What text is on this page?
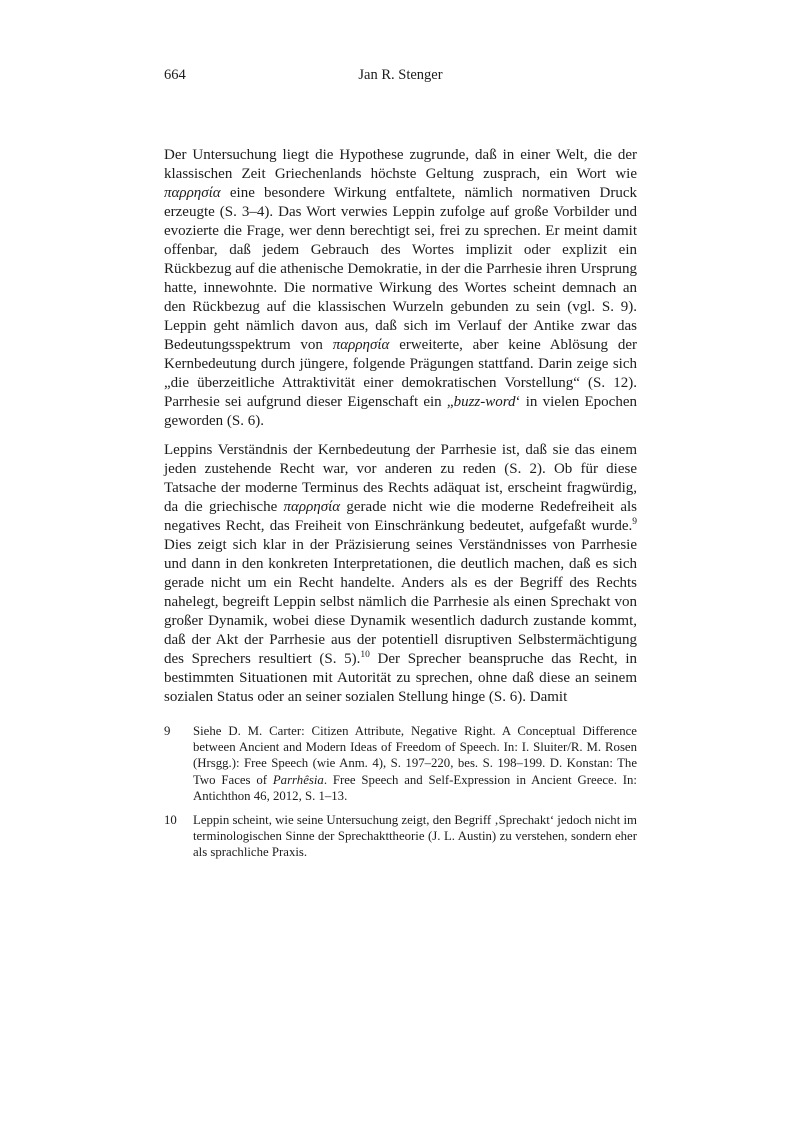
664	Jan R. Stenger

Der Untersuchung liegt die Hypothese zugrunde, daß in einer Welt, die der klassischen Zeit Griechenlands höchste Geltung zusprach, ein Wort wie παρρησία eine besondere Wirkung entfaltete, nämlich normativen Druck erzeugte (S. 3–4). Das Wort verwies Leppin zufolge auf große Vorbilder und evozierte die Frage, wer denn berechtigt sei, frei zu sprechen. Er meint damit offenbar, daß jedem Gebrauch des Wortes implizit oder explizit ein Rückbezug auf die athenische Demokratie, in der die Parrhesie ihren Ursprung hatte, innewohnte. Die normative Wirkung des Wortes scheint demnach an den Rückbezug auf die klassischen Wurzeln gebunden zu sein (vgl. S. 9). Leppin geht nämlich davon aus, daß sich im Verlauf der Antike zwar das Bedeutungsspektrum von παρρησία erweiterte, aber keine Ablösung der Kernbedeutung durch jüngere, folgende Prägungen stattfand. Darin zeige sich „die überzeitliche Attraktivität einer demokratischen Vorstellung“ (S. 12). Parrhesie sei aufgrund dieser Eigenschaft ein „buzz-word‘ in vielen Epochen geworden (S. 6).

Leppins Verständnis der Kernbedeutung der Parrhesie ist, daß sie das einem jeden zustehende Recht war, vor anderen zu reden (S. 2). Ob für diese Tatsache der moderne Terminus des Rechts adäquat ist, erscheint fragwürdig, da die griechische παρρησία gerade nicht wie die moderne Redefreiheit als negatives Recht, das Freiheit von Einschränkung bedeutet, aufgefaßt wurde.$^9$ Dies zeigt sich klar in der Präzisierung seines Verständnisses von Parrhesie und dann in den konkreten Interpretationen, die deutlich machen, daß es sich gerade nicht um ein Recht handelte. Anders als es der Begriff des Rechts nahelegt, begreift Leppin selbst nämlich die Parrhesie als einen Sprechakt von großer Dynamik, wobei diese Dynamik wesentlich dadurch zustande kommt, daß der Akt der Parrhesie aus der potentiell disruptiven Selbstermächtigung des Sprechers resultiert (S. 5).$^{10}$ Der Sprecher beanspruche das Recht, in bestimmten Situationen mit Autorität zu sprechen, ohne daß diese an seinem sozialen Status oder an seiner sozialen Stellung hinge (S. 6). Damit

9	Siehe D. M. Carter: Citizen Attribute, Negative Right. A Conceptual Difference between Ancient and Modern Ideas of Freedom of Speech. In: I. Sluiter/R. M. Rosen (Hrsgg.): Free Speech (wie Anm. 4), S. 197–220, bes. S. 198–199. D. Konstan: The Two Faces of Parrhêsia. Free Speech and Self-Expression in Ancient Greece. In: Antichthon 46, 2012, S. 1–13.
10	Leppin scheint, wie seine Untersuchung zeigt, den Begriff ‚Sprechakt‘ jedoch nicht im terminologischen Sinne der Sprechakttheorie (J. L. Austin) zu verstehen, sondern eher als sprachliche Praxis.
